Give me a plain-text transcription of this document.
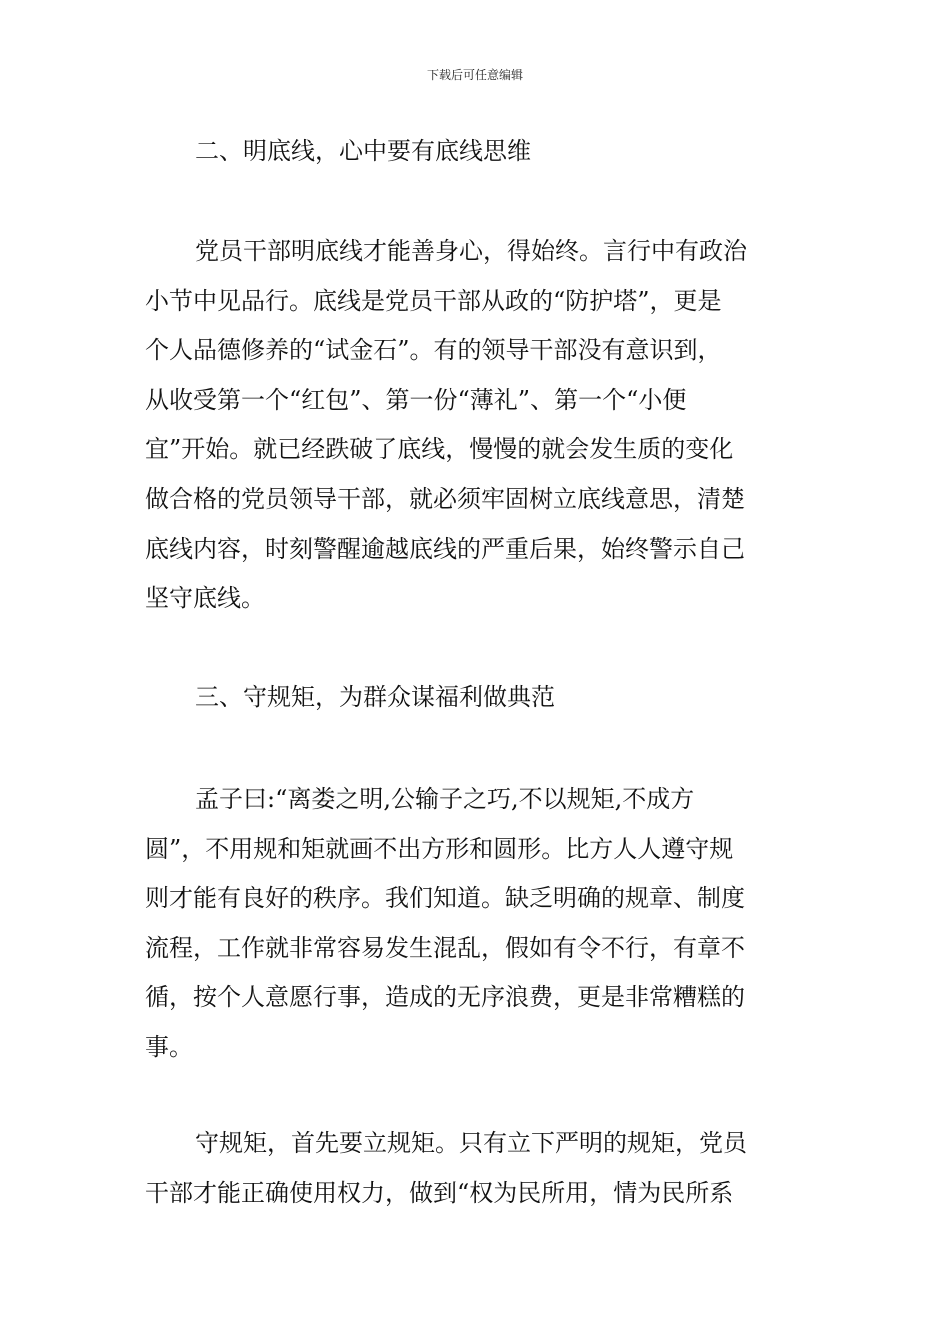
下载后可任意编辑
二、明底线，心中要有底线思维
党员干部明底线才能善身心，得始终。言行中有政治
小节中见品行。底线是党员干部从政的“防护塔”，更是
个人品德修养的“试金石”。有的领导干部没有意识到，
从收受第一个“红包”、第一份“薄礼”、第一个“小便
宜”开始。就已经跌破了底线，慢慢的就会发生质的变化
做合格的党员领导干部，就必须牢固树立底线意思，清楚
底线内容，时刻警醒逾越底线的严重后果，始终警示自己
坚守底线。
三、守规矩，为群众谋福利做典范
孟子曰:“离娄之明,公输子之巧,不以规矩,不成方
圆”，不用规和矩就画不出方形和圆形。比方人人遵守规
则才能有良好的秩序。我们知道。缺乏明确的规章、制度
流程，工作就非常容易发生混乱，假如有令不行，有章不
循，按个人意愿行事，造成的无序浪费，更是非常糟糕的
事。
守规矩，首先要立规矩。只有立下严明的规矩，党员
干部才能正确使用权力，做到“权为民所用，情为民所系
